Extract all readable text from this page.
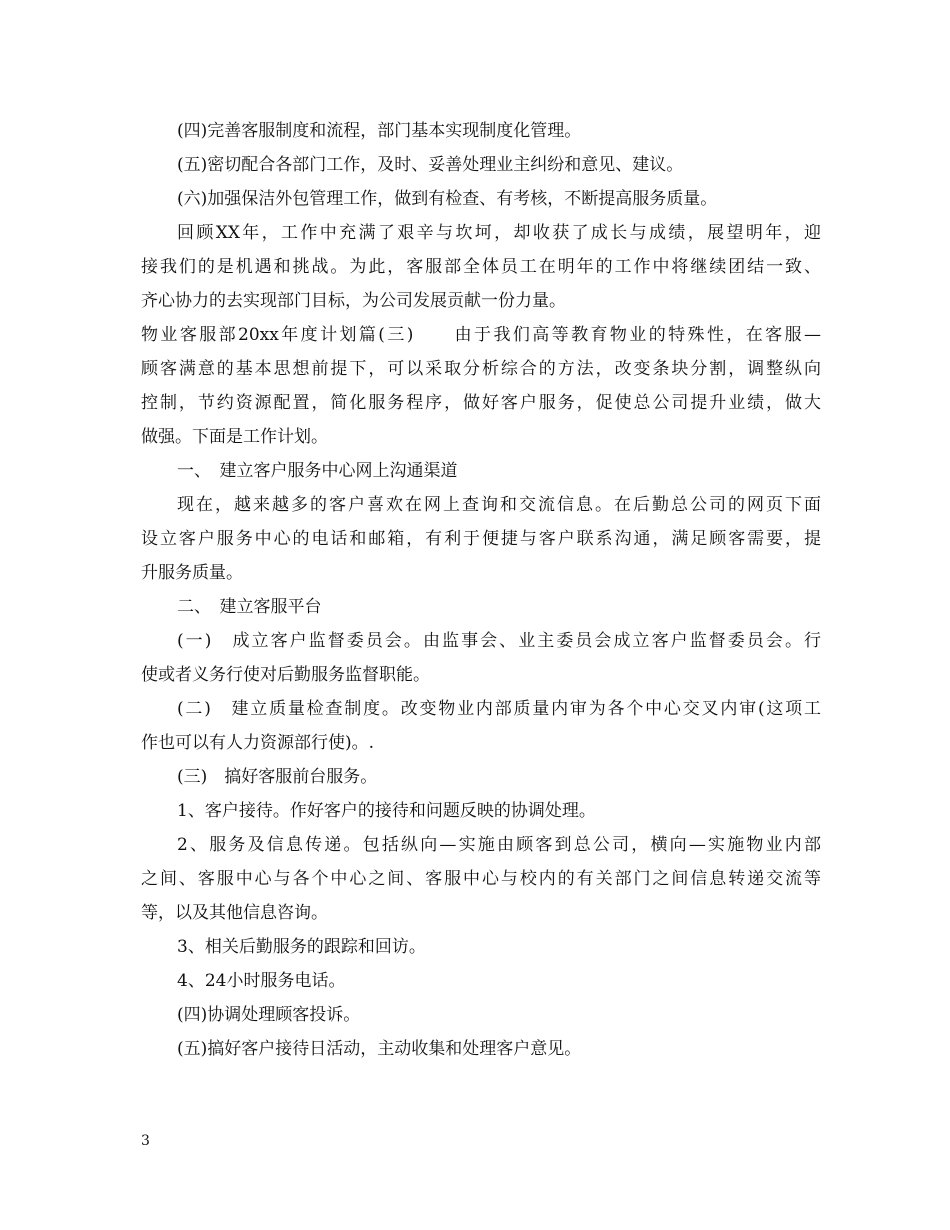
(四)完善客服制度和流程，部门基本实现制度化管理。
(五)密切配合各部门工作，及时、妥善处理业主纠纷和意见、建议。
(六)加强保洁外包管理工作，做到有检查、有考核，不断提高服务质量。
回顾XX年，工作中充满了艰辛与坎坷，却收获了成长与成绩，展望明年，迎
接我们的是机遇和挑战。为此，客服部全体员工在明年的工作中将继续团结一致、
齐心协力的去实现部门目标，为公司发展贡献一份力量。
物业客服部20xx年度计划篇(三)　　由于我们高等教育物业的特殊性，在客服—
顾客满意的基本思想前提下，可以采取分析综合的方法，改变条块分割，调整纵向
控制，节约资源配置，简化服务程序，做好客户服务，促使总公司提升业绩，做大
做强。下面是工作计划。
一、　建立客户服务中心网上沟通渠道
现在，越来越多的客户喜欢在网上查询和交流信息。在后勤总公司的网页下面
设立客户服务中心的电话和邮箱，有利于便捷与客户联系沟通，满足顾客需要，提
升服务质量。
二、　建立客服平台
(一)　成立客户监督委员会。由监事会、业主委员会成立客户监督委员会。行
使或者义务行使对后勤服务监督职能。
(二)　建立质量检查制度。改变物业内部质量内审为各个中心交叉内审(这项工
作也可以有人力资源部行使)。.
(三)　搞好客服前台服务。
1、客户接待。作好客户的接待和问题反映的协调处理。
2、服务及信息传递。包括纵向—实施由顾客到总公司，横向—实施物业内部
之间、客服中心与各个中心之间、客服中心与校内的有关部门之间信息转递交流等
等，以及其他信息咨询。
3、相关后勤服务的跟踪和回访。
4、24小时服务电话。
(四)协调处理顾客投诉。
(五)搞好客户接待日活动，主动收集和处理客户意见。
3
